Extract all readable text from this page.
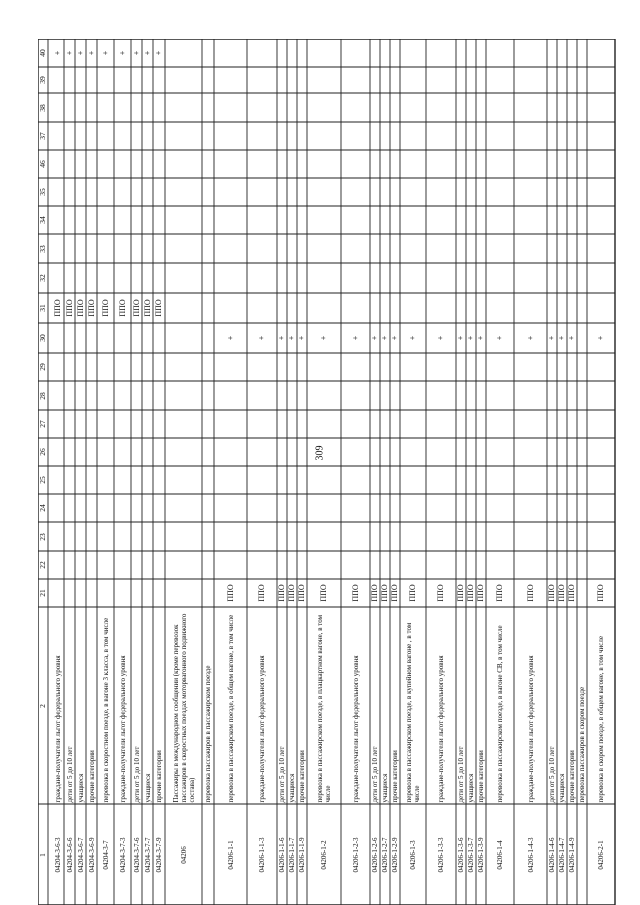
309
40
39
38
37
46
35
34
33
32
31
30
29
28
27
26
25
24
23
22
21
2
1 04204-3-6-3
граждане-получатели льгот федерального уровня
ППО
+
04204-3-6-6
дети от 5 до 10 лет
ППО
+
04204-3-6-7
учащиеся
ППО
+
04204-3-6-9
прочие категории
ППО
+
04204-3-7
перевозка в скоростном поезде, в вагоне 3 класса, в том числе
ППО
+
04204-3-7-3
граждане-получатели льгот федерального уровня
ППО
+
04204-3-7-6
дети от 5 до 10 лет
ППО
+
04204-3-7-7
учащиеся
ППО
+
04204-3-7-9
прочие категории
ППО
+
04206
Пассажиры в международном сообщении (кроме перевозок пассажиров в скоростных поездах моторвагонного подвижного состава) перевозка пассажиров в пассажирском поезде
04206-1-1
перевозка в пассажирском поезде, в общем вагоне, в том числе
ППО
+
04206-1-1-3
граждане-получатели льгот федерального уровня
ППО
+
04206-1-1-6
дети от 5 до 10 лет
ППО
+
04206-1-1-7
учащиеся
ППО
+
04206-1-1-9
прочие категории
ППО
+
04206-1-2
перевозка в пассажирском поезде, в плацкартном вагоне, в том числе
ППО
+
04206-1-2-3
граждане-получатели льгот федерального уровня
ППО
+
04206-1-2-6
дети от 5 до 10 лет
ППО
+
04206-1-2-7
учащиеся
ППО
+
04206-1-2-9
прочие категории
ППО
+
04206-1-3
перевозка в пассажирском поезде, в купейном вагоне , в том числе
ППО
+
04206-1-3-3
граждане-получатели льгот федерального уровня
ППО
+
04206-1-3-6
дети от 5 до 10 лет
ППО
+
04206-1-3-7
учащиеся
ППО
+
04206-1-3-9
прочие категории
ППО
+
04206-1-4
перевозка в пассажирском поезде, в вагоне СВ, в том числе
ППО
+
04206-1-4-3
граждане-получатели льгот федерального уровня
ППО
+
04206-1-4-6
дети от 5 до 10 лет
ППО
+
04206-1-4-7
учащиеся
ППО
+
04206-1-4-9
прочие категории
ППО
+
перевозка пассажиров в скором поезде
04206-2-1
перевозка в скором поезде, в общем вагоне, в том числе
ППО
+
